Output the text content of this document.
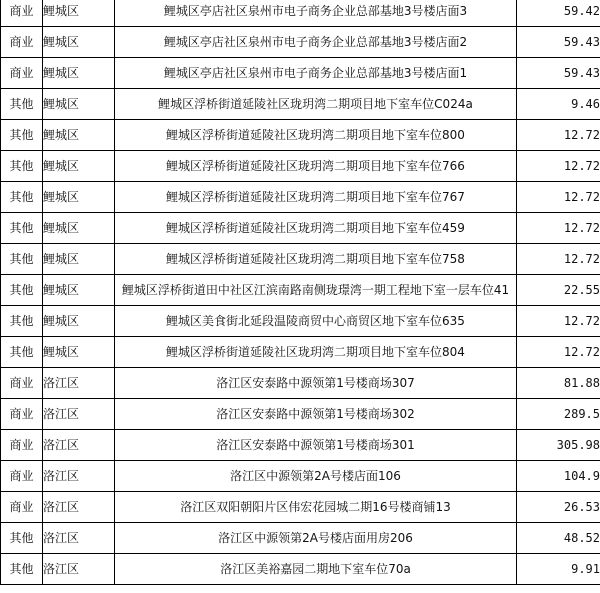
商业	鲤城区	鲤城区亭店社区泉州市电子商务企业总部基地3号楼店面3	59.42
商业	鲤城区	鲤城区亭店社区泉州市电子商务企业总部基地3号楼店面2	59.43
商业	鲤城区	鲤城区亭店社区泉州市电子商务企业总部基地3号楼店面1	59.43
其他	鲤城区	鲤城区浮桥街道延陵社区珑玥湾二期项目地下室车位C024a	9.46
其他	鲤城区	鲤城区浮桥街道延陵社区珑玥湾二期项目地下室车位800	12.72
其他	鲤城区	鲤城区浮桥街道延陵社区珑玥湾二期项目地下室车位766	12.72
其他	鲤城区	鲤城区浮桥街道延陵社区珑玥湾二期项目地下室车位767	12.72
其他	鲤城区	鲤城区浮桥街道延陵社区珑玥湾二期项目地下室车位459	12.72
其他	鲤城区	鲤城区浮桥街道延陵社区珑玥湾二期项目地下室车位758	12.72
其他	鲤城区	鲤城区浮桥街道田中社区江滨南路南侧珑璟湾一期工程地下室一层车位41	22.55
其他	鲤城区	鲤城区美食街北延段温陵商贸中心商贸区地下室车位635	12.72
其他	鲤城区	鲤城区浮桥街道延陵社区珑玥湾二期项目地下室车位804	12.72
商业	洛江区	洛江区安泰路中源领第1号楼商场307	81.88
商业	洛江区	洛江区安泰路中源领第1号楼商场302	289.5
商业	洛江区	洛江区安泰路中源领第1号楼商场301	305.98
商业	洛江区	洛江区中源领第2A号楼店面106	104.9
商业	洛江区	洛江区双阳朝阳片区伟宏花园城二期16号楼商铺13	26.53
其他	洛江区	洛江区中源领第2A号楼店面用房206	48.52
其他	洛江区	洛江区美裕嘉园二期地下室车位70a	9.91
